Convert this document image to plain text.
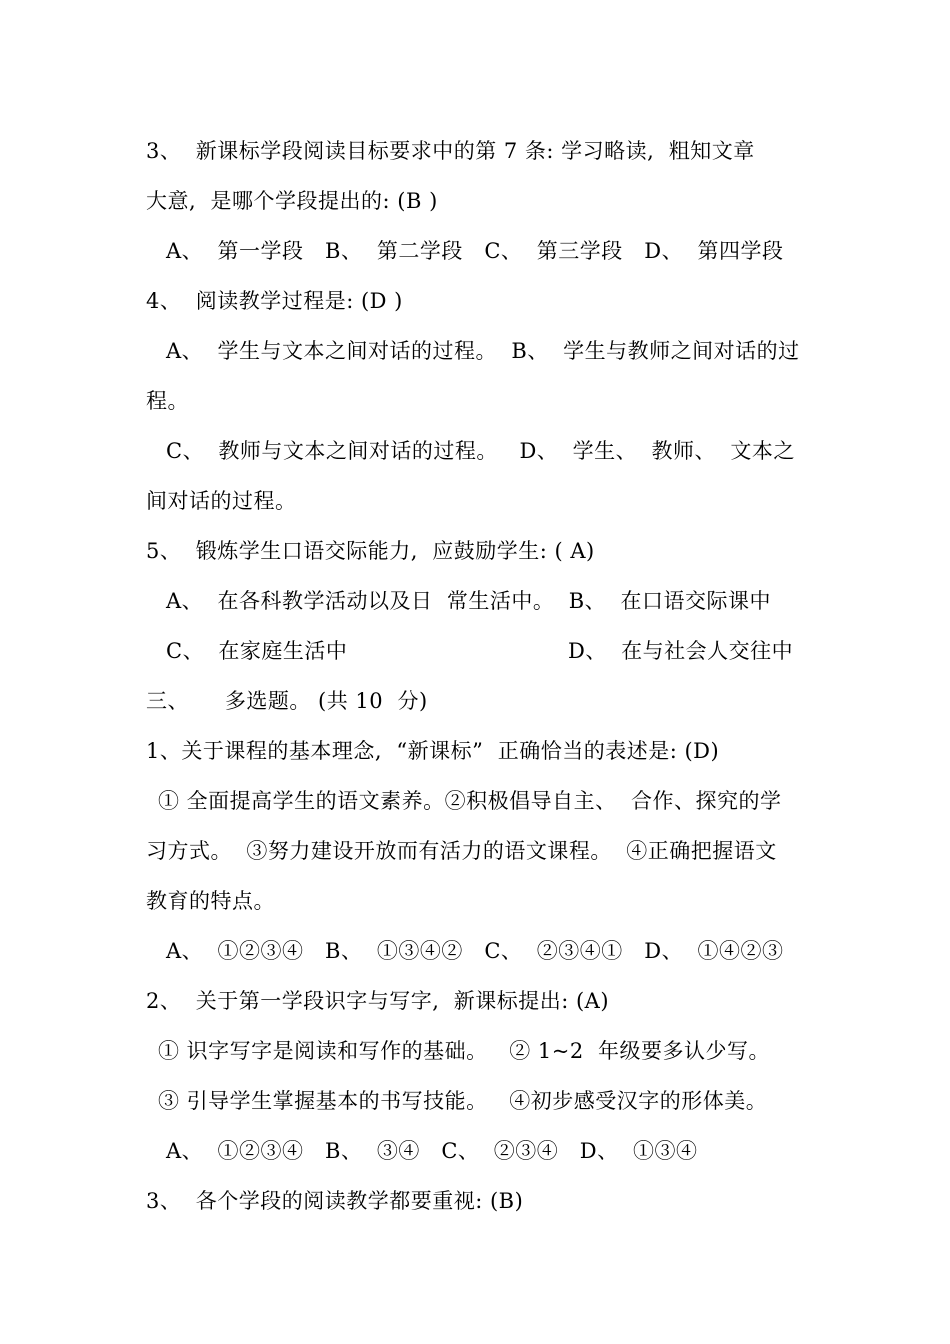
3、  新课标学段阅读目标要求中的第 7 条: 学习略读,  粗知文章
大意,  是哪个学段提出的: (B )
A、  第一学段   B、  第二学段   C、  第三学段   D、  第四学段
4、  阅读教学过程是: (D )
A、  学生与文本之间对话的过程。  B、  学生与教师之间对话的过
程。
C、  教师与文本之间对话的过程。   D、  学生、  教师、  文本之
间对话的过程。
5、  锻炼学生口语交际能力,  应鼓励学生: ( A)
A、  在各科教学活动以及日  常生活中。  B、  在口语交际课中

C、  在家庭生活中

	D、  在与社会人交往中

三、     多选题。 (共 10  分)
1、关于课程的基本理念,  “新课标”  正确恰当的表述是: (D)
① 全面提高学生的语文素养。②积极倡导自主、  合作、探究的学
习方式。  ③努力建设开放而有活力的语文课程。  ④正确把握语文
教育的特点。
A、  ①②③④   B、  ①③④②   C、  ②③④①   D、  ①④②③
2、  关于第一学段识字与写字,  新课标提出: (A)
① 识字写字是阅读和写作的基础。   ② 1~2  年级要多认少写。
③ 引导学生掌握基本的书写技能。   ④初步感受汉字的形体美。
A、  ①②③④   B、  ③④   C、  ②③④   D、  ①③④
3、  各个学段的阅读教学都要重视: (B)
